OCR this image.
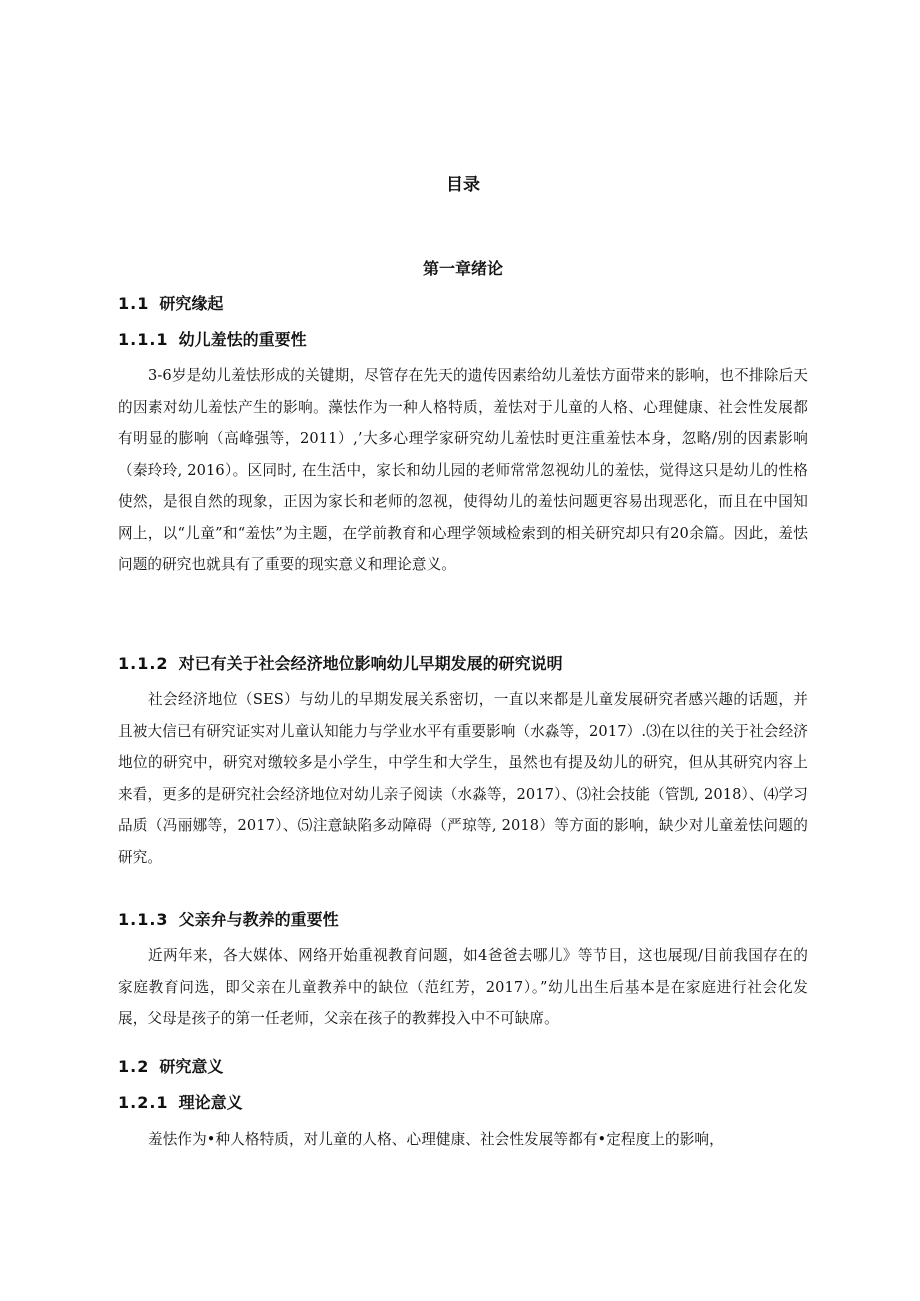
目录
第一章绪论
1.1 研究缘起
1.1.1 幼儿羞怯的重要性
3-6岁是幼儿羞怯形成的关键期，尽管存在先天的遗传因素给幼儿羞怯方面带来的影响，也不排除后天的因素对幼儿羞怯产生的影响。藻怯作为一种人格特质，羞怯对于儿童的人格、心理健康、社会性发展都有明显的膨响（高峰强等，2011）,’大多心理学家研究幼儿羞怯时更注重羞怯本身，忽略/别的因素影响（秦玲玲, 2016）。区同时, 在生活中，家长和幼儿园的老师常常忽视幼儿的羞怯，觉得这只是幼儿的性格使然，是很自然的现象，正因为家长和老师的忽视，使得幼儿的羞怯问题更容易出现恶化，而且在中国知网上，以“儿童”和“羞怯”为主题，在学前教育和心理学领域检索到的相关研究却只有20余篇。因此，羞怯问题的研究也就具有了重要的现实意义和理论意义。
1.1.2 对已有关于社会经济地位影响幼儿早期发展的研究说明
社会经济地位（SES）与幼儿的早期发展关系密切，一直以来都是儿童发展研究者感兴趣的话题，并且被大信已有研究证实对儿童认知能力与学业水平有重要影响（水淼等，2017）.⑶在以往的关于社会经济地位的研究中，研究对缴较多是小学生，中学生和大学生，虽然也有提及幼儿的研究，但从其研究内容上来看，更多的是研究社会经济地位对幼儿亲子阅读（水淼等，2017）、⑶社会技能（管凯, 2018）、⑷学习品质（冯丽娜等，2017）、⑸注意缺陷多动障碍（严琼等, 2018）等方面的影响，缺少对儿童羞怯问题的研究。
1.1.3 父亲弁与教养的重要性
近两年来，各大媒体、网络开始重视教育问题，如4爸爸去哪儿》等节目，这也展现/目前我国存在的家庭教育问选，即父亲在儿童教养中的缺位（范红芳，2017）。”幼儿出生后基本是在家庭进行社会化发展，父母是孩子的第一任老师，父亲在孩子的教葬投入中不可缺席。
1.2 研究意义
1.2.1 理论意义
羞怯作为•种人格特质，对儿童的人格、心理健康、社会性发展等都有•定程度上的影响，
